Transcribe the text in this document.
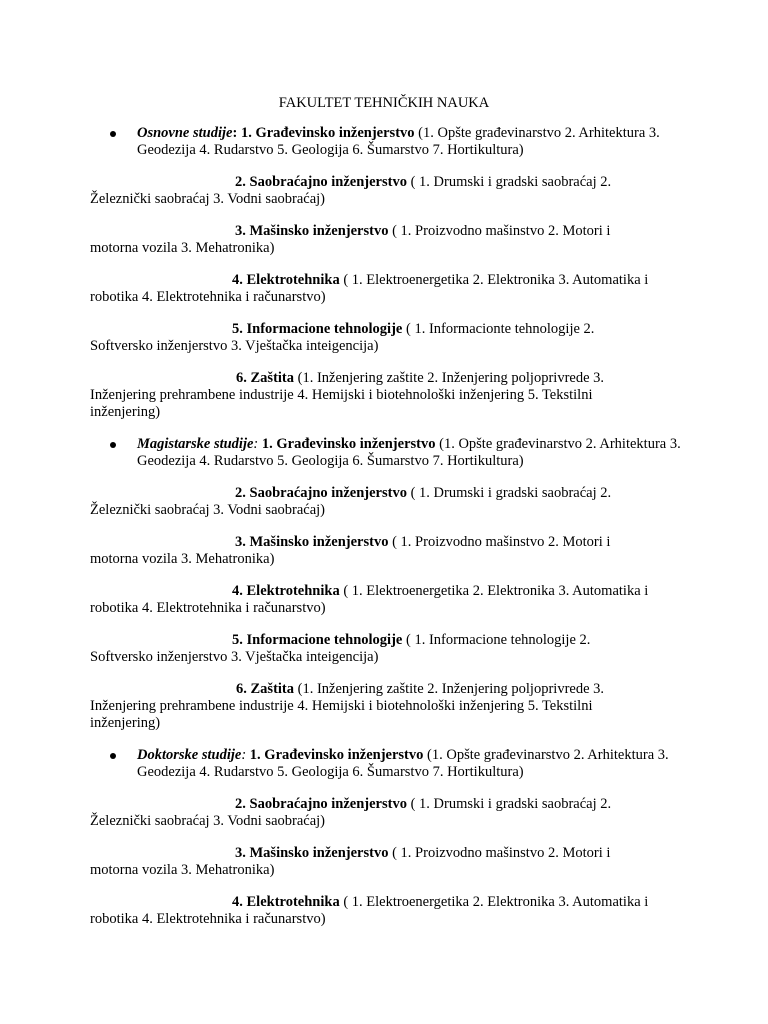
FAKULTET TEHNIČKIH NAUKA
Osnovne studije: 1. Građevinsko inženjerstvo (1. Opšte građevinarstvo 2. Arhitektura 3. Geodezija 4. Rudarstvo 5. Geologija 6. Šumarstvo 7. Hortikultura)
2. Saobraćajno inženjerstvo ( 1. Drumski i gradski saobraćaj 2. Železnički saobraćaj 3. Vodni saobraćaj)
3. Mašinsko inženjerstvo ( 1. Proizvodno mašinstvo 2. Motori i motorna vozila 3. Mehatronika)
4. Elektrotehnika ( 1. Elektroenergetika 2. Elektronika 3. Automatika i robotika 4. Elektrotehnika i računarstvo)
5. Informacione tehnologije ( 1. Informacionte tehnologije 2. Softversko inženjerstvo 3. Vještačka inteigencija)
6. Zaštita (1. Inženjering zaštite 2. Inženjering poljoprivrede 3. Inženjering prehrambene industrije 4. Hemijski i biotehnološki inženjering 5. Tekstilni inženjering)
Magistarske studije: 1. Građevinsko inženjerstvo (1. Opšte građevinarstvo 2. Arhitektura 3. Geodezija 4. Rudarstvo 5. Geologija 6. Šumarstvo 7. Hortikultura)
2. Saobraćajno inženjerstvo ( 1. Drumski i gradski saobraćaj 2. Železnički saobraćaj 3. Vodni saobraćaj)
3. Mašinsko inženjerstvo ( 1. Proizvodno mašinstvo 2. Motori i motorna vozila 3. Mehatronika)
4. Elektrotehnika ( 1. Elektroenergetika 2. Elektronika 3. Automatika i robotika 4. Elektrotehnika i računarstvo)
5. Informacione tehnologije ( 1. Informacione tehnologije 2. Softversko inženjerstvo 3. Vještačka inteigencija)
6. Zaštita (1. Inženjering zaštite 2. Inženjering poljoprivrede 3. Inženjering prehrambene industrije 4. Hemijski i biotehnološki inženjering 5. Tekstilni inženjering)
Doktorske studije: 1. Građevinsko inženjerstvo (1. Opšte građevinarstvo 2. Arhitektura 3. Geodezija 4. Rudarstvo 5. Geologija 6. Šumarstvo 7. Hortikultura)
2. Saobraćajno inženjerstvo ( 1. Drumski i gradski saobraćaj 2. Železnički saobraćaj 3. Vodni saobraćaj)
3. Mašinsko inženjerstvo ( 1. Proizvodno mašinstvo 2. Motori i motorna vozila 3. Mehatronika)
4. Elektrotehnika ( 1. Elektroenergetika 2. Elektronika 3. Automatika i robotika 4. Elektrotehnika i računarstvo)
